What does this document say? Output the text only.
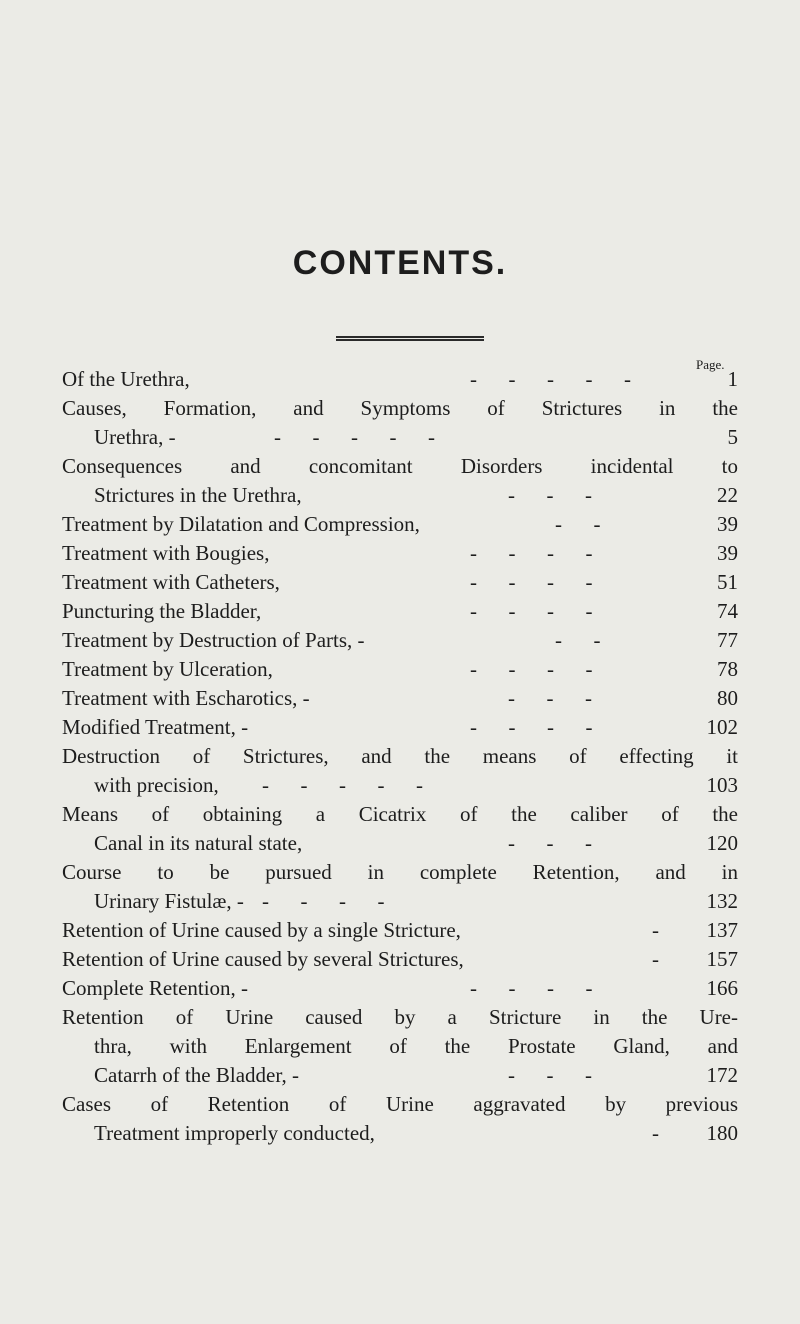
CONTENTS.
Page.
Of the Urethra,	-      -      -      -      -	1
Causes, Formation, and Symptoms of Strictures in the
Urethra, -	-      -      -      -      -	5
Consequences and concomitant Disorders incidental to
Strictures in the Urethra,	-      -      -	22
Treatment by Dilatation and Compression,	-      -	39
Treatment with Bougies,	-      -      -      -	39
Treatment with Catheters,	-      -      -      -	51
Puncturing the Bladder,	-      -      -      -	74
Treatment by Destruction of Parts, -	-      -	77
Treatment by Ulceration,	-      -      -      -	78
Treatment with Escharotics, -	-      -      -	80
Modified Treatment, -	-      -      -      -	102
Destruction of Strictures, and the means of effecting it
with precision, -      -      -      -      -	103
Means of obtaining a Cicatrix of the caliber of the
Canal in its natural state,	-      -      -	120
Course to be pursued in complete Retention, and in
Urinary Fistulæ, - -      -      -      -	132
Retention of Urine caused by a single Stricture,	- 137
Retention of Urine caused by several Strictures,	- 157
Complete Retention, -	-      -      -      -	166
Retention of Urine caused by a Stricture in the Ure-
thra, with Enlargement of the Prostate Gland, and
Catarrh of the Bladder, -	-      -      -	172
Cases of Retention of Urine aggravated by previous
Treatment improperly conducted,	- 180
